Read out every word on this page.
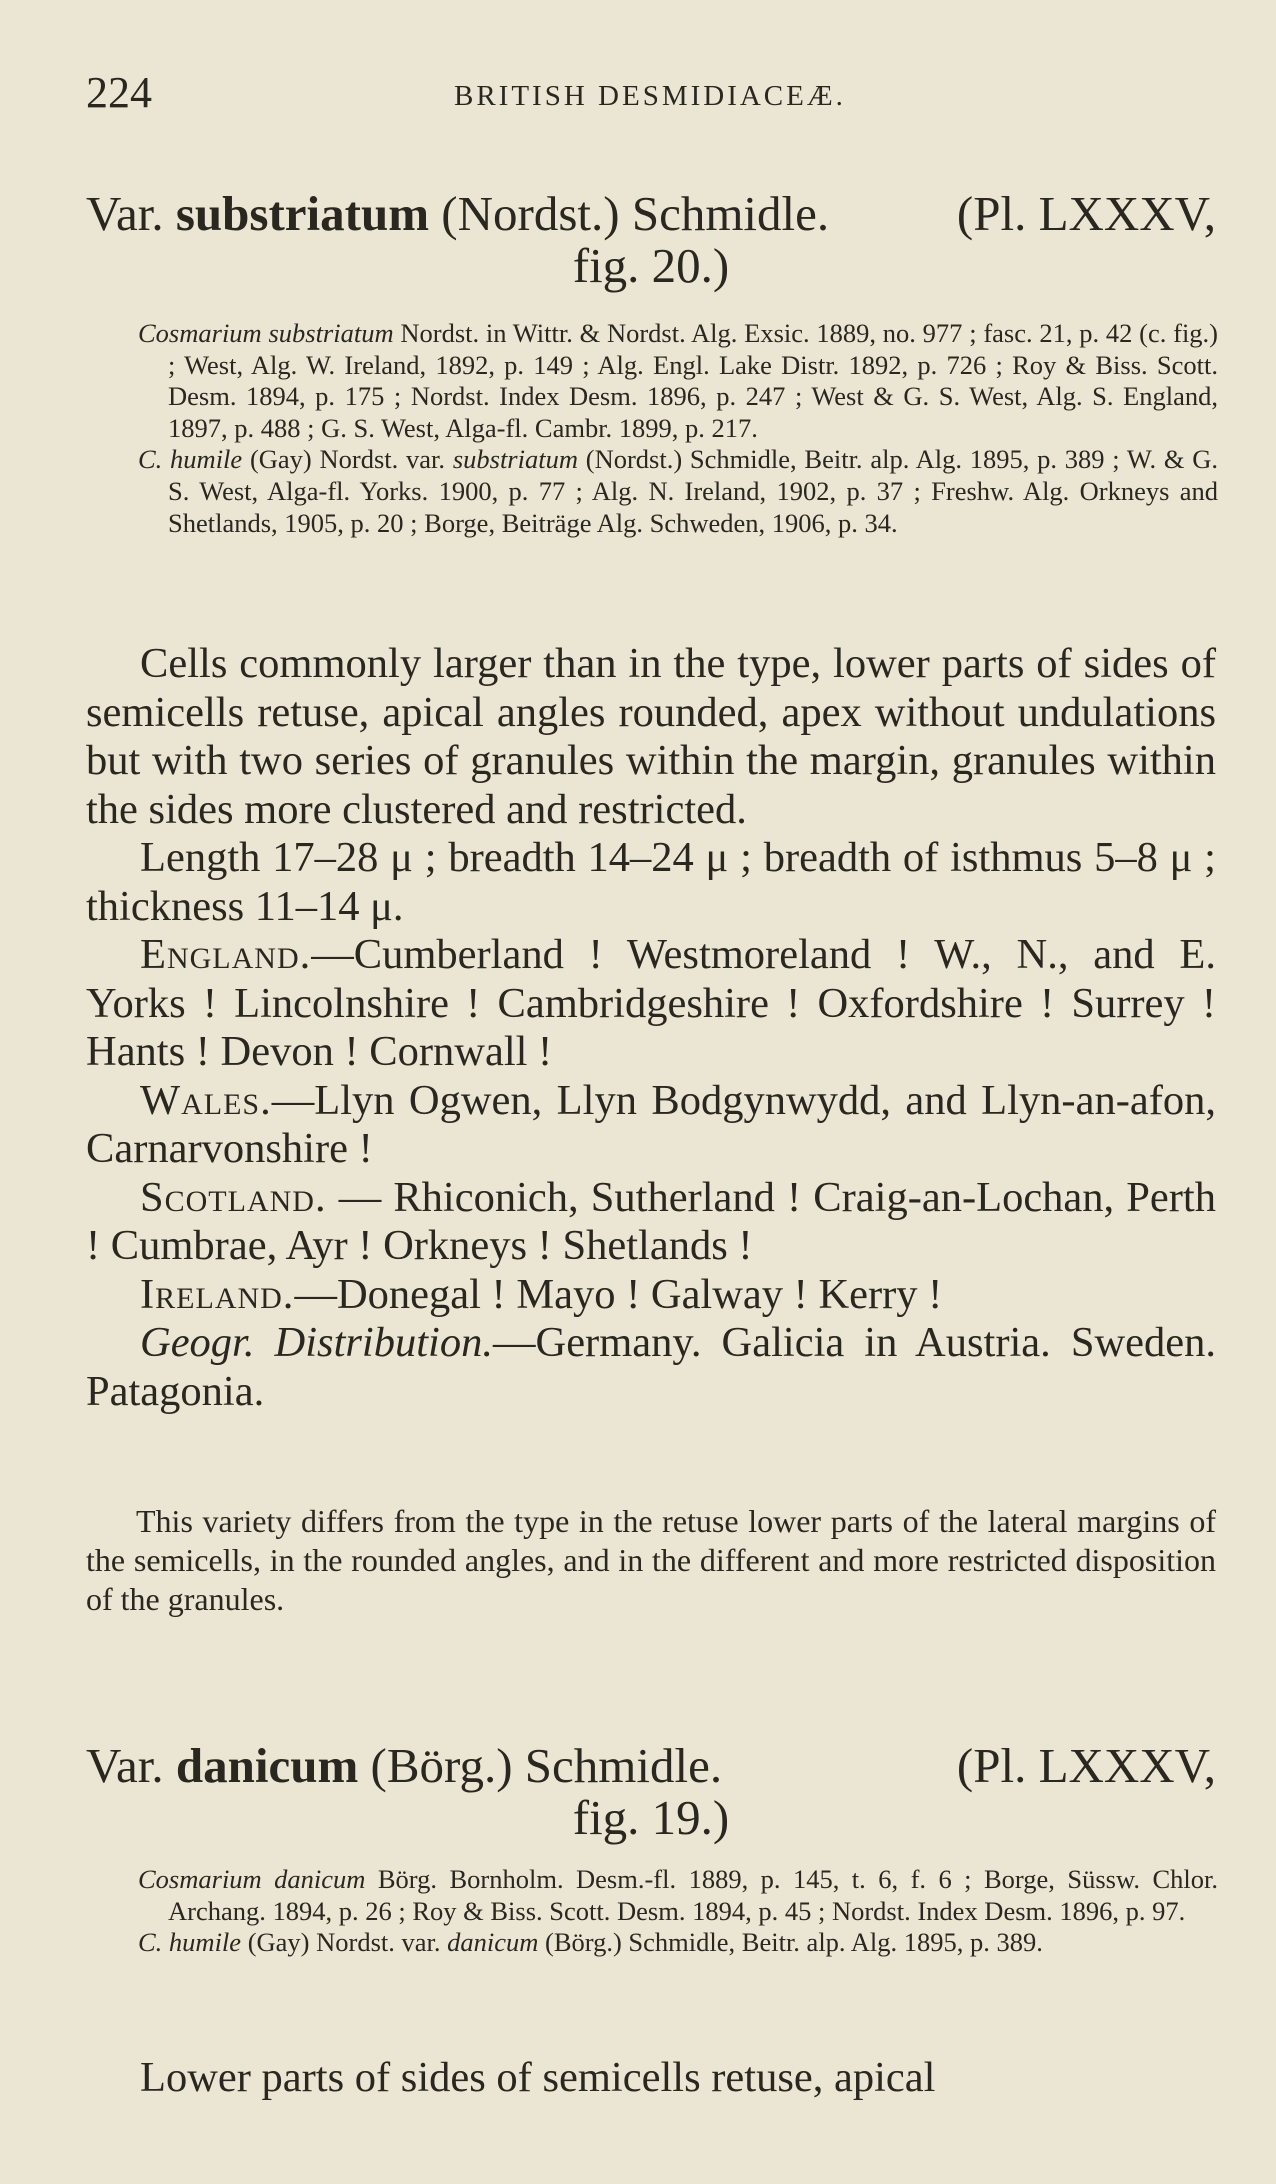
224	BRITISH DESMIDIACEÆ.
Var. substriatum (Nordst.) Schmidle.	(Pl. LXXXV,
fig. 20.)
Cosmarium substriatum Nordst. in Wittr. & Nordst. Alg. Exsic. 1889, no. 977 ; fasc. 21, p. 42 (c. fig.) ; West, Alg. W. Ireland, 1892, p. 149 ; Alg. Engl. Lake Distr. 1892, p. 726 ; Roy & Biss. Scott. Desm. 1894, p. 175 ; Nordst. Index Desm. 1896, p. 247 ; West & G. S. West, Alg. S. England, 1897, p. 488 ; G. S. West, Alga-fl. Cambr. 1899, p. 217.
C. humile (Gay) Nordst. var. substriatum (Nordst.) Schmidle, Beitr. alp. Alg. 1895, p. 389 ; W. & G. S. West, Alga-fl. Yorks. 1900, p. 77 ; Alg. N. Ireland, 1902, p. 37 ; Freshw. Alg. Orkneys and Shetlands, 1905, p. 20 ; Borge, Beiträge Alg. Schweden, 1906, p. 34.

Cells commonly larger than in the type, lower parts of sides of semicells retuse, apical angles rounded, apex without undulations but with two series of granules within the margin, granules within the sides more clustered and restricted.

Length 17–28 μ ; breadth 14–24 μ ; breadth of isthmus 5–8 μ ; thickness 11–14 μ.

England.—Cumberland ! Westmoreland ! W., N., and E. Yorks ! Lincolnshire ! Cambridgeshire ! Oxfordshire ! Surrey ! Hants ! Devon ! Cornwall !

Wales.—Llyn Ogwen, Llyn Bodgynwydd, and Llyn-an-afon, Carnarvonshire !

Scotland. — Rhiconich, Sutherland ! Craig-an-Lochan, Perth ! Cumbrae, Ayr ! Orkneys ! Shetlands !

Ireland.—Donegal ! Mayo ! Galway ! Kerry !

Geogr. Distribution.—Germany. Galicia in Austria. Sweden. Patagonia.

This variety differs from the type in the retuse lower parts of the lateral margins of the semicells, in the rounded angles, and in the different and more restricted disposition of the granules.

Var. danicum (Börg.) Schmidle.	(Pl. LXXXV,
fig. 19.)
Cosmarium danicum Börg. Bornholm. Desm.-fl. 1889, p. 145, t. 6, f. 6 ; Borge, Süssw. Chlor. Archang. 1894, p. 26 ; Roy & Biss. Scott. Desm. 1894, p. 45 ; Nordst. Index Desm. 1896, p. 97.
C. humile (Gay) Nordst. var. danicum (Börg.) Schmidle, Beitr. alp. Alg. 1895, p. 389.

Lower parts of sides of semicells retuse, apical
